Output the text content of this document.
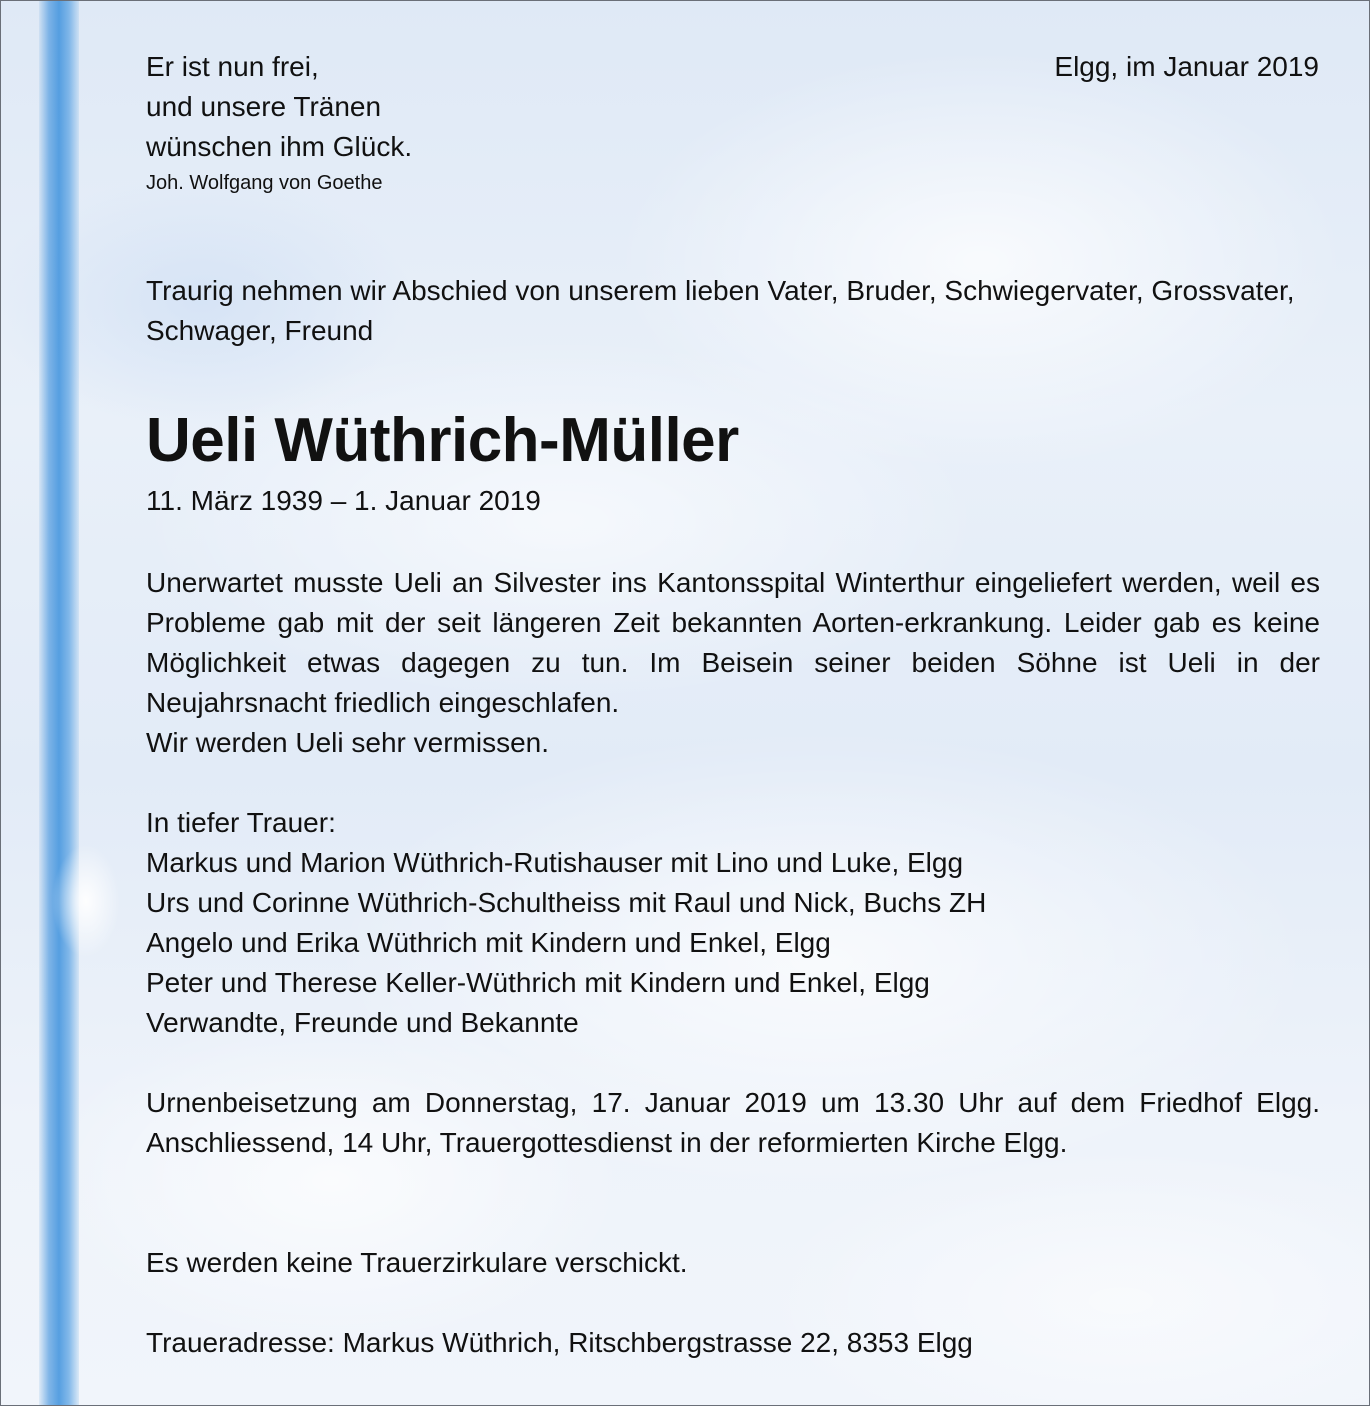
Er ist nun frei,
und unsere Tränen
wünschen ihm Glück.
Joh. Wolfgang von Goethe

Elgg, im Januar 2019

Traurig nehmen wir Abschied von unserem lieben Vater, Bruder, Schwiegervater, Grossvater, Schwager, Freund

Ueli Wüthrich-Müller

11. März 1939 – 1. Januar 2019

Unerwartet musste Ueli an Silvester ins Kantonsspital Winterthur eingeliefert werden, weil es Probleme gab mit der seit längeren Zeit bekannten Aorten-erkrankung. Leider gab es keine Möglichkeit etwas dagegen zu tun. Im Beisein seiner beiden Söhne ist Ueli in der Neujahrsnacht friedlich eingeschlafen.
Wir werden Ueli sehr vermissen.
In tiefer Trauer:
Markus und Marion Wüthrich-Rutishauser mit Lino und Luke, Elgg
Urs und Corinne Wüthrich-Schultheiss mit Raul und Nick, Buchs ZH
Angelo und Erika Wüthrich mit Kindern und Enkel, Elgg
Peter und Therese Keller-Wüthrich mit Kindern und Enkel, Elgg
Verwandte, Freunde und Bekannte

Urnenbeisetzung am Donnerstag, 17. Januar 2019 um 13.30 Uhr auf dem Friedhof Elgg. Anschliessend, 14 Uhr, Trauergottesdienst in der reformierten Kirche Elgg.

Es werden keine Trauerzirkulare verschickt.

Traueradresse: Markus Wüthrich, Ritschbergstrasse 22, 8353 Elgg
